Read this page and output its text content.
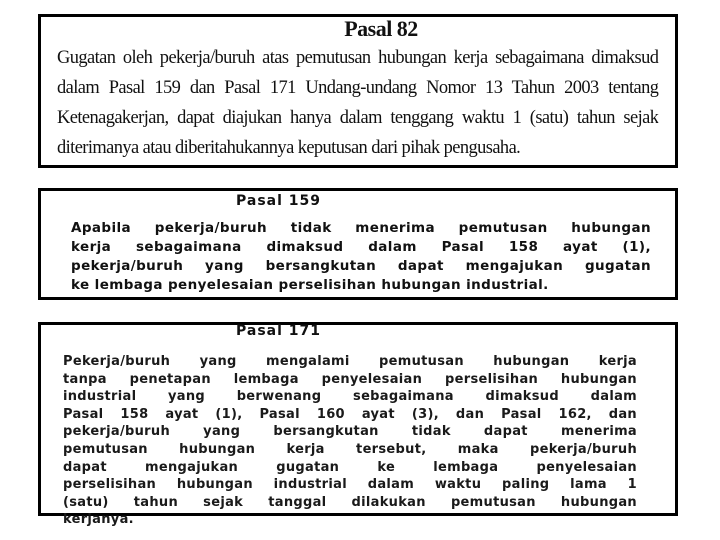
Pasal 82

Gugatan oleh pekerja/buruh atas pemutusan hubungan kerja sebagaimana dimaksud
dalam Pasal 159 dan Pasal 171 Undang-undang Nomor 13 Tahun 2003 tentang
Ketenagakerjan, dapat diajukan hanya dalam tenggang waktu 1 (satu) tahun sejak
diterimanya atau diberitahukannya keputusan dari pihak pengusaha.

Pasal 159

Apabila pekerja/buruh tidak menerima pemutusan hubungan
kerja sebagaimana dimaksud dalam Pasal 158 ayat (1),
pekerja/buruh yang bersangkutan dapat mengajukan gugatan
ke lembaga penyelesaian perselisihan hubungan industrial.

Pasal 171

Pekerja/buruh yang mengalami pemutusan hubungan kerja
tanpa penetapan lembaga penyelesaian perselisihan hubungan
industrial yang berwenang sebagaimana dimaksud dalam
Pasal 158 ayat (1), Pasal 160 ayat (3), dan Pasal 162, dan
pekerja/buruh yang bersangkutan tidak dapat menerima
pemutusan hubungan kerja tersebut, maka pekerja/buruh
dapat mengajukan gugatan ke lembaga penyelesaian
perselisihan hubungan industrial dalam waktu paling lama 1
(satu) tahun sejak tanggal dilakukan pemutusan hubungan
kerjanya.
